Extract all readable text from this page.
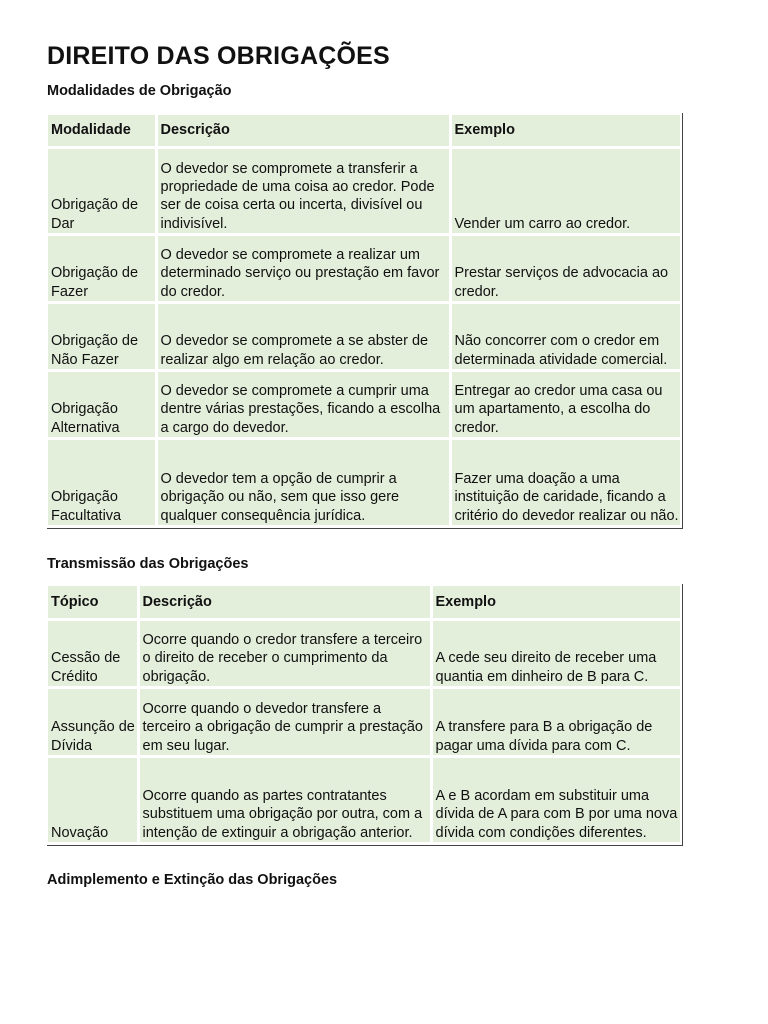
DIREITO DAS OBRIGAÇÕES
Modalidades de Obrigação
Modalidade	Descrição	Exemplo
Obrigação de Dar	O devedor se compromete a transferir a propriedade de uma coisa ao credor. Pode ser de coisa certa ou incerta, divisível ou indivisível.	Vender um carro ao credor.
Obrigação de Fazer	O devedor se compromete a realizar um determinado serviço ou prestação em favor do credor.	Prestar serviços de advocacia ao credor.
Obrigação de Não Fazer	O devedor se compromete a se abster de realizar algo em relação ao credor.	Não concorrer com o credor em determinada atividade comercial.
Obrigação Alternativa	O devedor se compromete a cumprir uma dentre várias prestações, ficando a escolha a cargo do devedor.	Entregar ao credor uma casa ou um apartamento, a escolha do credor.
Obrigação Facultativa	O devedor tem a opção de cumprir a obrigação ou não, sem que isso gere qualquer consequência jurídica.	Fazer uma doação a uma instituição de caridade, ficando a critério do devedor realizar ou não.
Transmissão das Obrigações
Tópico	Descrição	Exemplo
Cessão de Crédito	Ocorre quando o credor transfere a terceiro o direito de receber o cumprimento da obrigação.	A cede seu direito de receber uma quantia em dinheiro de B para C.
Assunção de Dívida	Ocorre quando o devedor transfere a terceiro a obrigação de cumprir a prestação em seu lugar.	A transfere para B a obrigação de pagar uma dívida para com C.
Novação	Ocorre quando as partes contratantes substituem uma obrigação por outra, com a intenção de extinguir a obrigação anterior.	A e B acordam em substituir uma dívida de A para com B por uma nova dívida com condições diferentes.
Adimplemento e Extinção das Obrigações
